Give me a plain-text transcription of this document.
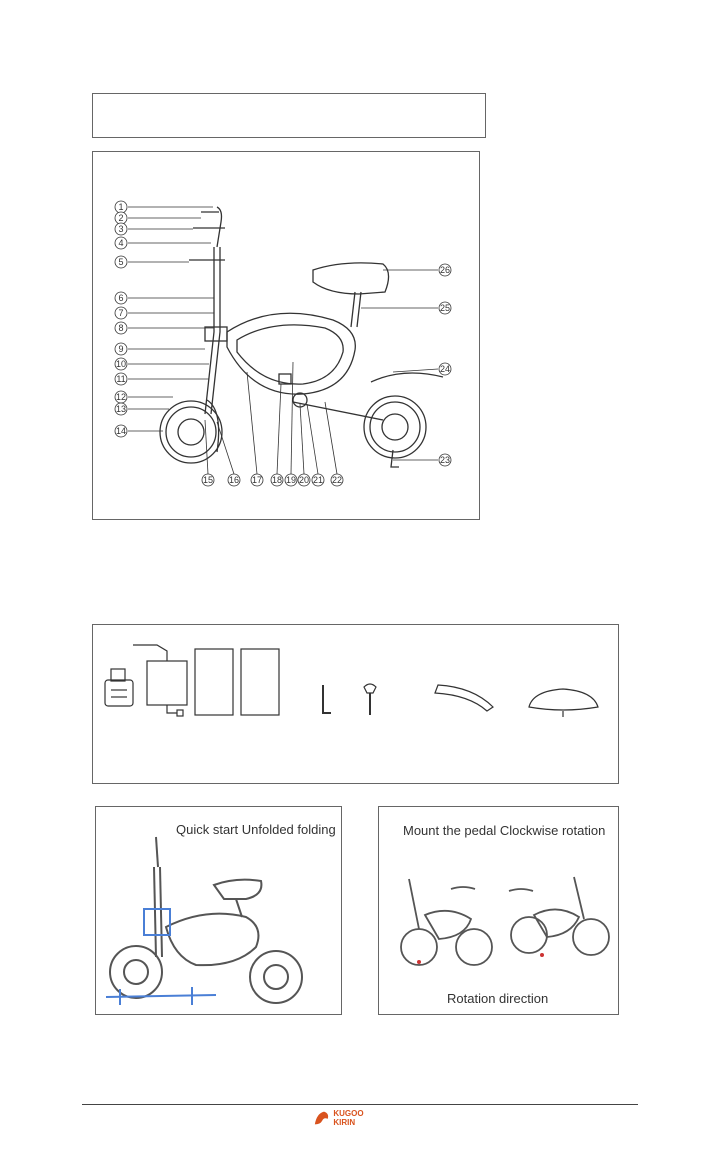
1
2
3
4
5
6
7
8
9
10
11
12
13
14
15 16 17 18 19 20 21 22
23
24
25
26
Quick start Unfolded folding	Mount the pedal Clockwise rotation
Rotation direction
KUGOO KIRIN
